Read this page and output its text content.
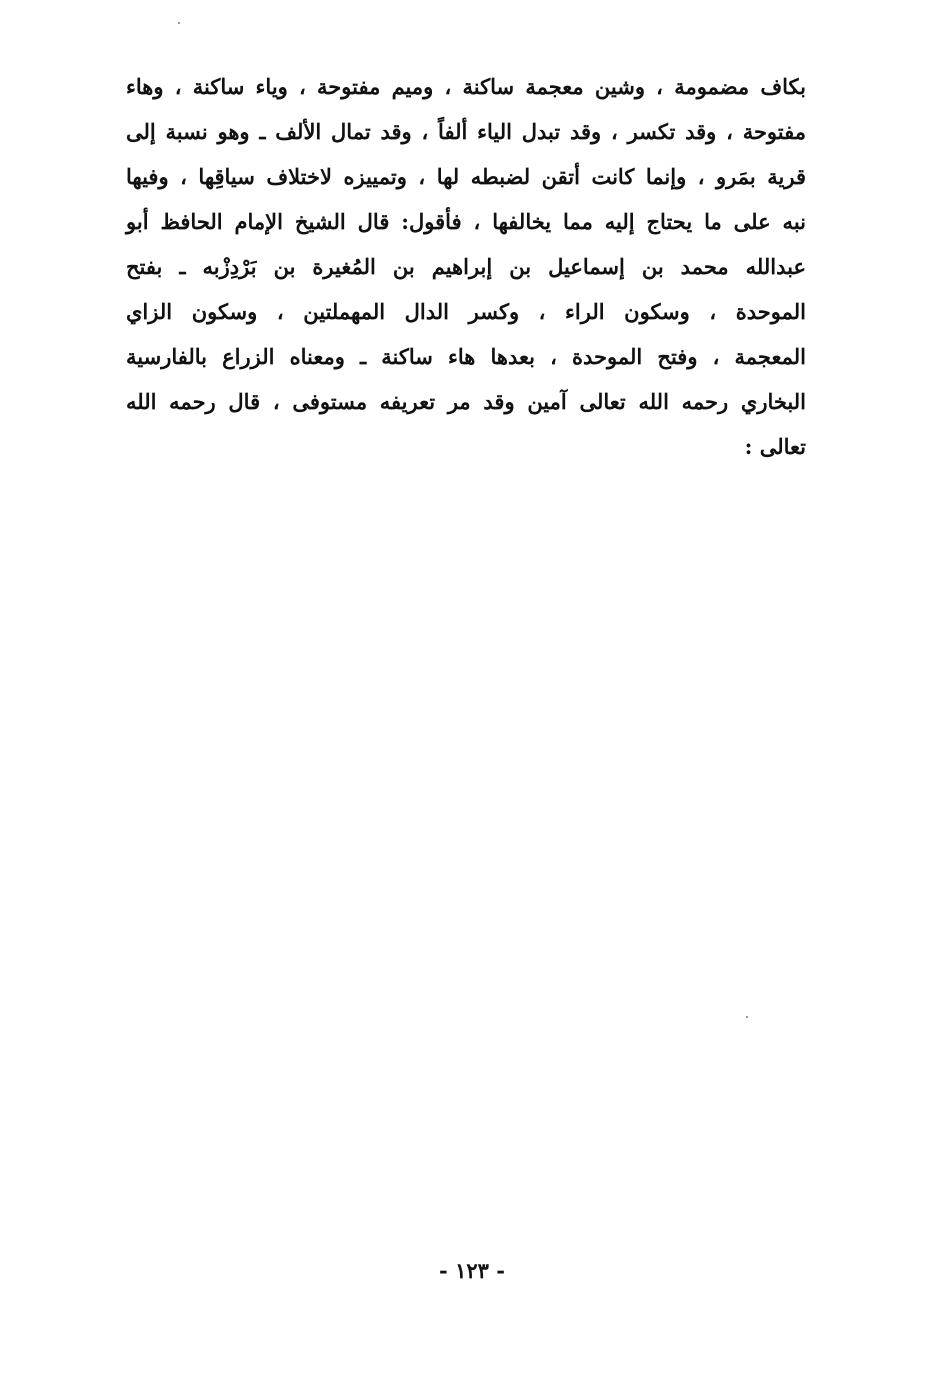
بكاف مضمومة ، وشين معجمة ساكنة ، وميم مفتوحة ، وياء ساكنة ، وهاء
مفتوحة ، وقد تكسر ، وقد تبدل الياء ألفاً ، وقد تمال الألف ـ وهو نسبة إلى
قرية بمَرو ، وإنما كانت أتقن لضبطه لها ، وتمييزه لاختلاف سياقِها ، وفيها
نبه على ما يحتاج إليه مما يخالفها ، فأقول: قال الشيخ الإمام الحافظ أبو
عبدالله محمد بن إسماعيل بن إبراهيم بن المُغيرة بن بَرْدِزْبه ـ بفتح
الموحدة ، وسكون الراء ، وكسر الدال المهملتين ، وسكون الزاي
المعجمة ، وفتح الموحدة ، بعدها هاء ساكنة ـ ومعناه الزراع بالفارسية
البخاري رحمه الله تعالى آمين وقد مر تعريفه مستوفى ، قال رحمه الله
تعالى :
- ١٢٣ -
